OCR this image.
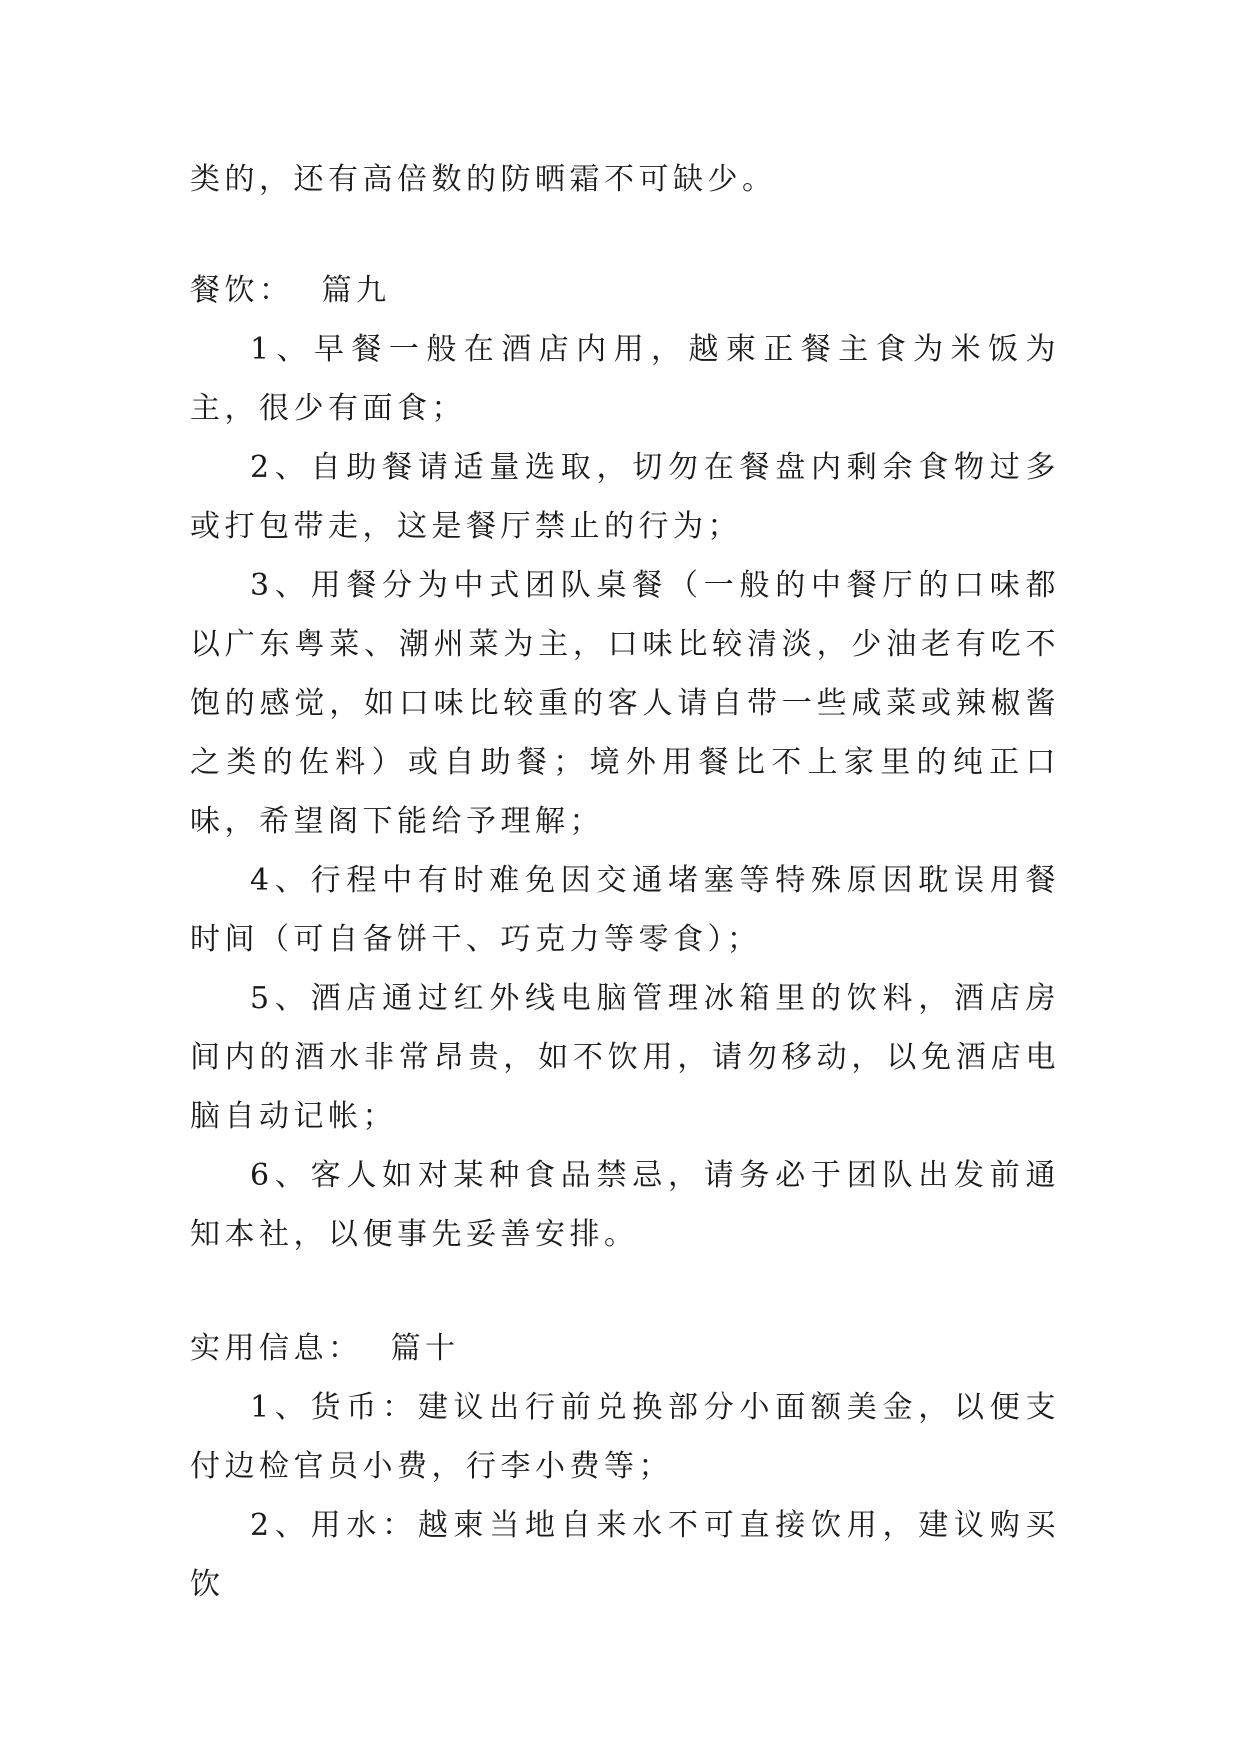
类的，还有高倍数的防晒霜不可缺少。

餐饮：  篇九

1、早餐一般在酒店内用，越柬正餐主食为米饭为主，很少有面食；

2、自助餐请适量选取，切勿在餐盘内剩余食物过多或打包带走，这是餐厅禁止的行为；

3、用餐分为中式团队桌餐（一般的中餐厅的口味都以广东粤菜、潮州菜为主，口味比较清淡，少油老有吃不饱的感觉，如口味比较重的客人请自带一些咸菜或辣椒酱之类的佐料）或自助餐；境外用餐比不上家里的纯正口味，希望阁下能给予理解；

4、行程中有时难免因交通堵塞等特殊原因耽误用餐时间（可自备饼干、巧克力等零食）；

5、酒店通过红外线电脑管理冰箱里的饮料，酒店房间内的酒水非常昂贵，如不饮用，请勿移动，以免酒店电脑自动记帐；

6、客人如对某种食品禁忌，请务必于团队出发前通知本社，以便事先妥善安排。

实用信息：  篇十

1、货币：建议出行前兑换部分小面额美金，以便支付边检官员小费，行李小费等；

2、用水：越柬当地自来水不可直接饮用，建议购买饮
